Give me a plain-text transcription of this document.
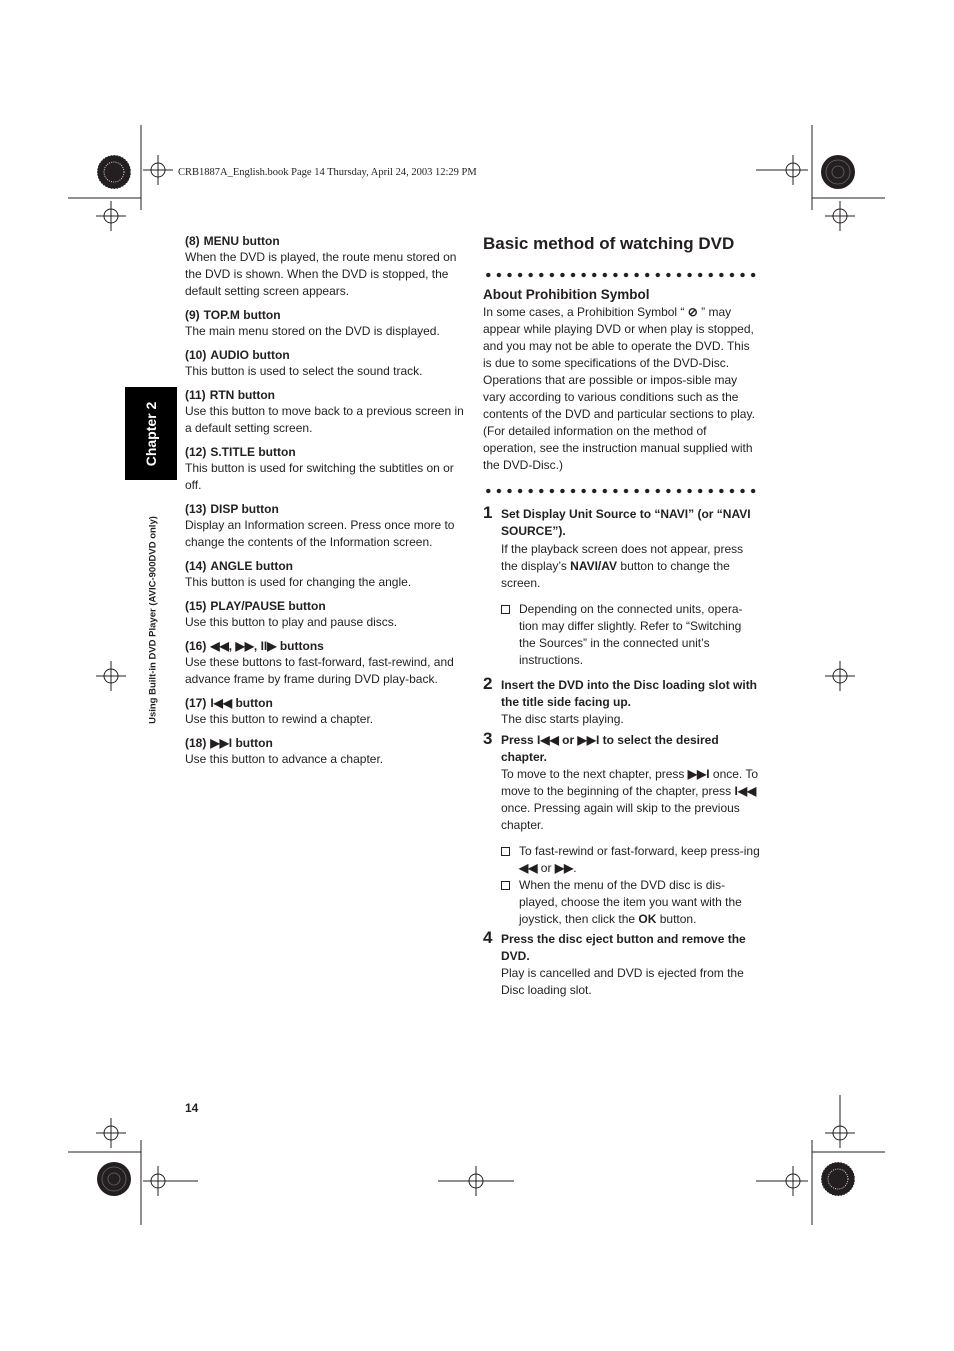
CRB1887A_English.book Page 14 Thursday, April 24, 2003 12:29 PM
Chapter 2
Using Built-in DVD Player (AVIC-900DVD only)
(8) MENU button
When the DVD is played, the route menu stored on the DVD is shown. When the DVD is stopped, the default setting screen appears.
(9) TOP.M button
The main menu stored on the DVD is displayed.
(10) AUDIO button
This button is used to select the sound track.
(11) RTN button
Use this button to move back to a previous screen in a default setting screen.
(12) S.TITLE button
This button is used for switching the subtitles on or off.
(13) DISP button
Display an Information screen. Press once more to change the contents of the Information screen.
(14) ANGLE button
This button is used for changing the angle.
(15) PLAY/PAUSE button
Use this button to play and pause discs.
(16) ◀◀, ▶▶, II▶ buttons
Use these buttons to fast-forward, fast-rewind, and advance frame by frame during DVD play-back.
(17) I◀◀ button
Use this button to rewind a chapter.
(18) ▶▶I button
Use this button to advance a chapter.
Basic method of watching DVD
About Prohibition Symbol
In some cases, a Prohibition Symbol “ ⊘ ” may appear while playing DVD or when play is stopped, and you may not be able to operate the DVD. This is due to some specifications of the DVD-Disc. Operations that are possible or impos-sible may vary according to various conditions such as the contents of the DVD and particular sections to play. (For detailed information on the method of operation, see the instruction manual supplied with the DVD-Disc.)
1 Set Display Unit Source to “NAVI” (or “NAVI SOURCE”).
If the playback screen does not appear, press the display’s NAVI/AV button to change the screen.
Depending on the connected units, opera-tion may differ slightly. Refer to “Switching the Sources” in the connected unit’s instructions.
2 Insert the DVD into the Disc loading slot with the title side facing up.
The disc starts playing.
3 Press I◀◀ or ▶▶I to select the desired chapter.
To move to the next chapter, press ▶▶I once. To move to the beginning of the chapter, press I◀◀ once. Pressing again will skip to the previous chapter.
To fast-rewind or fast-forward, keep press-ing ◀◀ or ▶▶.
When the menu of the DVD disc is dis-played, choose the item you want with the joystick, then click the OK button.
4 Press the disc eject button and remove the DVD.
Play is cancelled and DVD is ejected from the Disc loading slot.
14
